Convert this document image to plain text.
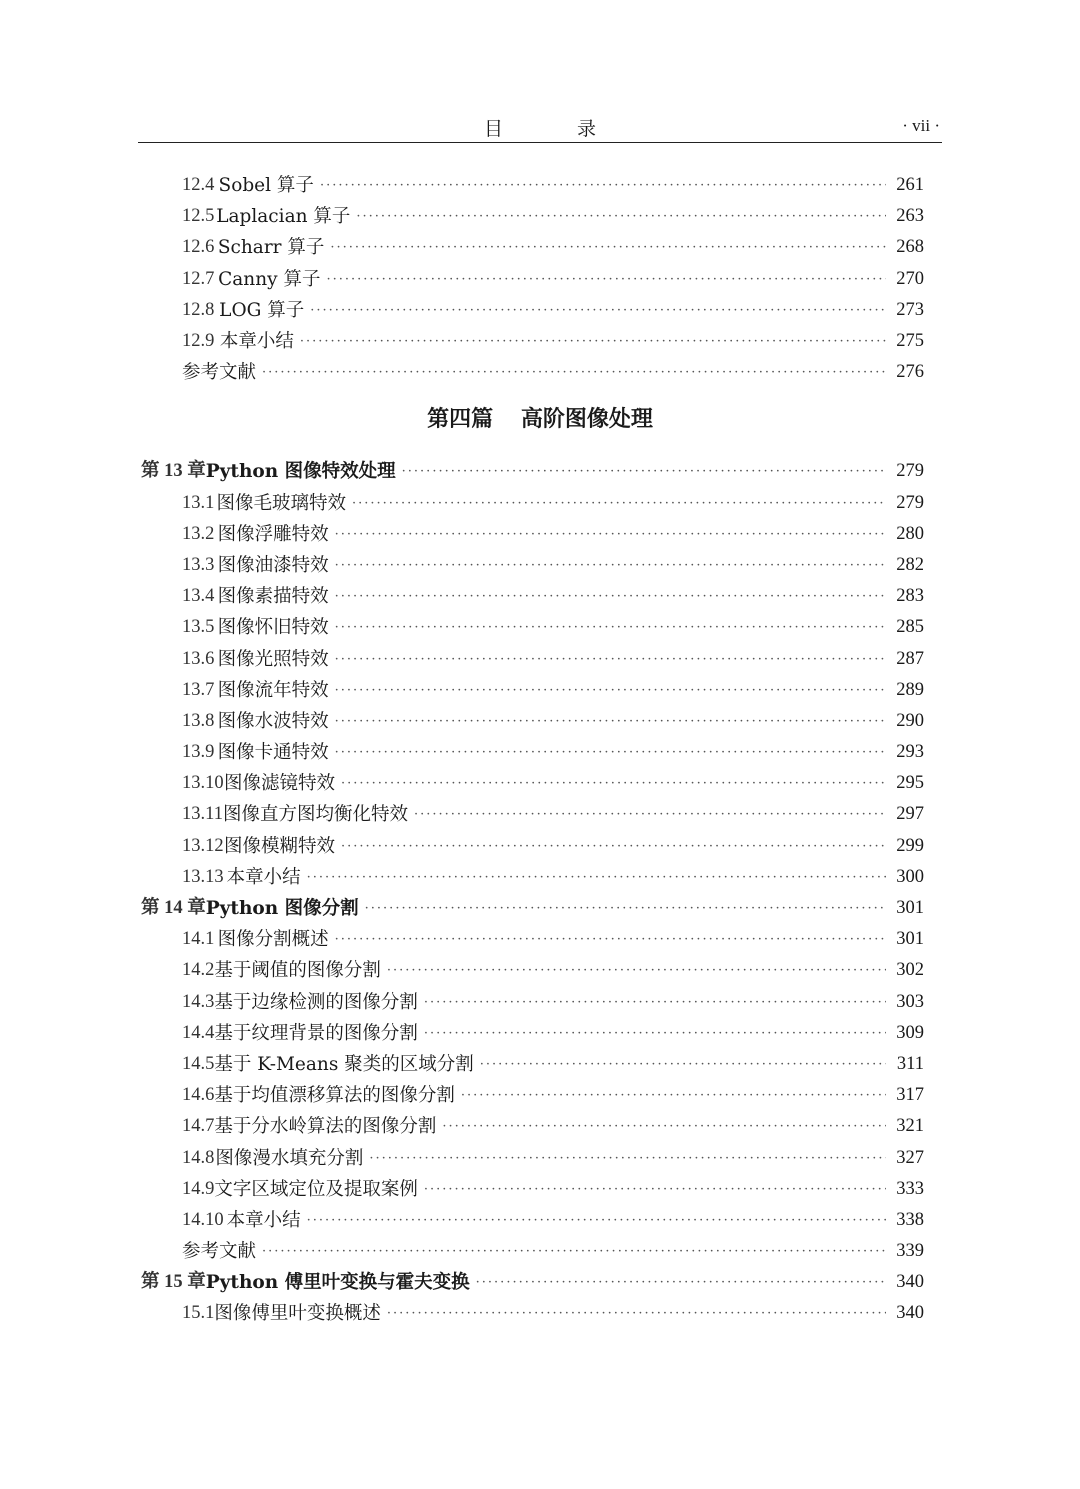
目 录	· vii ·
12.4 Sobel 算子 ·····	261
12.5 Laplacian 算子 ·····	263
12.6 Scharr 算子 ·····	268
12.7 Canny 算子 ·····	270
12.8 LOG 算子 ·····	273
12.9 本章小结 ·····	275
参考文献 ·····	276
第四篇 高阶图像处理
第 13 章 Python 图像特效处理 ·····	279
13.1 图像毛玻璃特效 ·····	279
13.2 图像浮雕特效 ·····	280
13.3 图像油漆特效 ·····	282
13.4 图像素描特效 ·····	283
13.5 图像怀旧特效 ·····	285
13.6 图像光照特效 ·····	287
13.7 图像流年特效 ·····	289
13.8 图像水波特效 ·····	290
13.9 图像卡通特效 ·····	293
13.10 图像滤镜特效 ·····	295
13.11 图像直方图均衡化特效 ·····	297
13.12 图像模糊特效 ·····	299
13.13 本章小结 ·····	300
第 14 章 Python 图像分割 ·····	301
14.1 图像分割概述 ·····	301
14.2 基于阈值的图像分割 ·····	302
14.3 基于边缘检测的图像分割 ·····	303
14.4 基于纹理背景的图像分割 ·····	309
14.5 基于 K-Means 聚类的区域分割 ·····	311
14.6 基于均值漂移算法的图像分割 ·····	317
14.7 基于分水岭算法的图像分割 ·····	321
14.8 图像漫水填充分割 ·····	327
14.9 文字区域定位及提取案例 ·····	333
14.10 本章小结 ·····	338
参考文献 ·····	339
第 15 章 Python 傅里叶变换与霍夫变换 ·····	340
15.1 图像傅里叶变换概述 ·····	340
